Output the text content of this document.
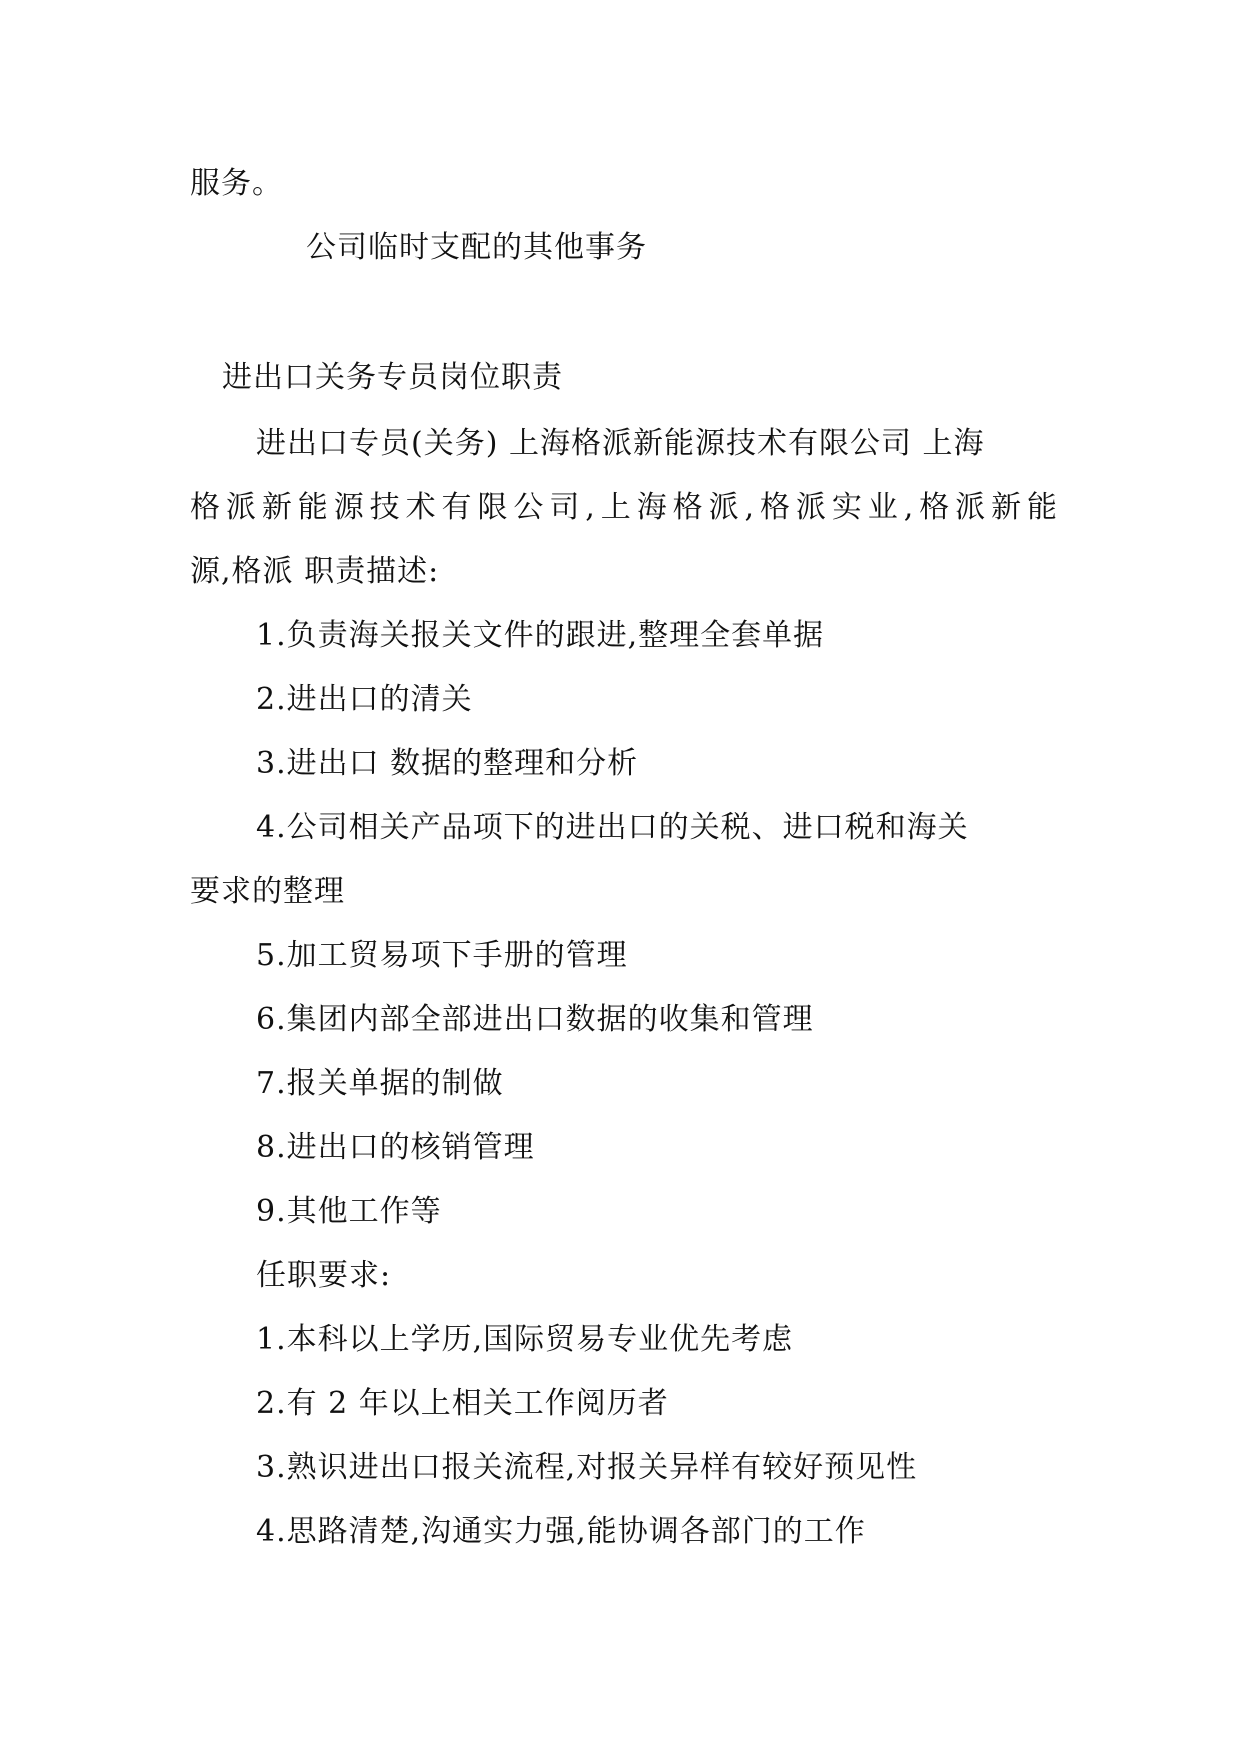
服务。
公司临时支配的其他事务
进出口关务专员岗位职责
进出口专员(关务) 上海格派新能源技术有限公司 上海
格派新能源技术有限公司,上海格派,格派实业,格派新能
源,格派 职责描述:
1.负责海关报关文件的跟进,整理全套单据
2.进出口的清关
3.进出口 数据的整理和分析
4.公司相关产品项下的进出口的关税、进口税和海关
要求的整理
5.加工贸易项下手册的管理
6.集团内部全部进出口数据的收集和管理
7.报关单据的制做
8.进出口的核销管理
9.其他工作等
任职要求:
1.本科以上学历,国际贸易专业优先考虑
2.有 2 年以上相关工作阅历者
3.熟识进出口报关流程,对报关异样有较好预见性
4.思路清楚,沟通实力强,能协调各部门的工作
